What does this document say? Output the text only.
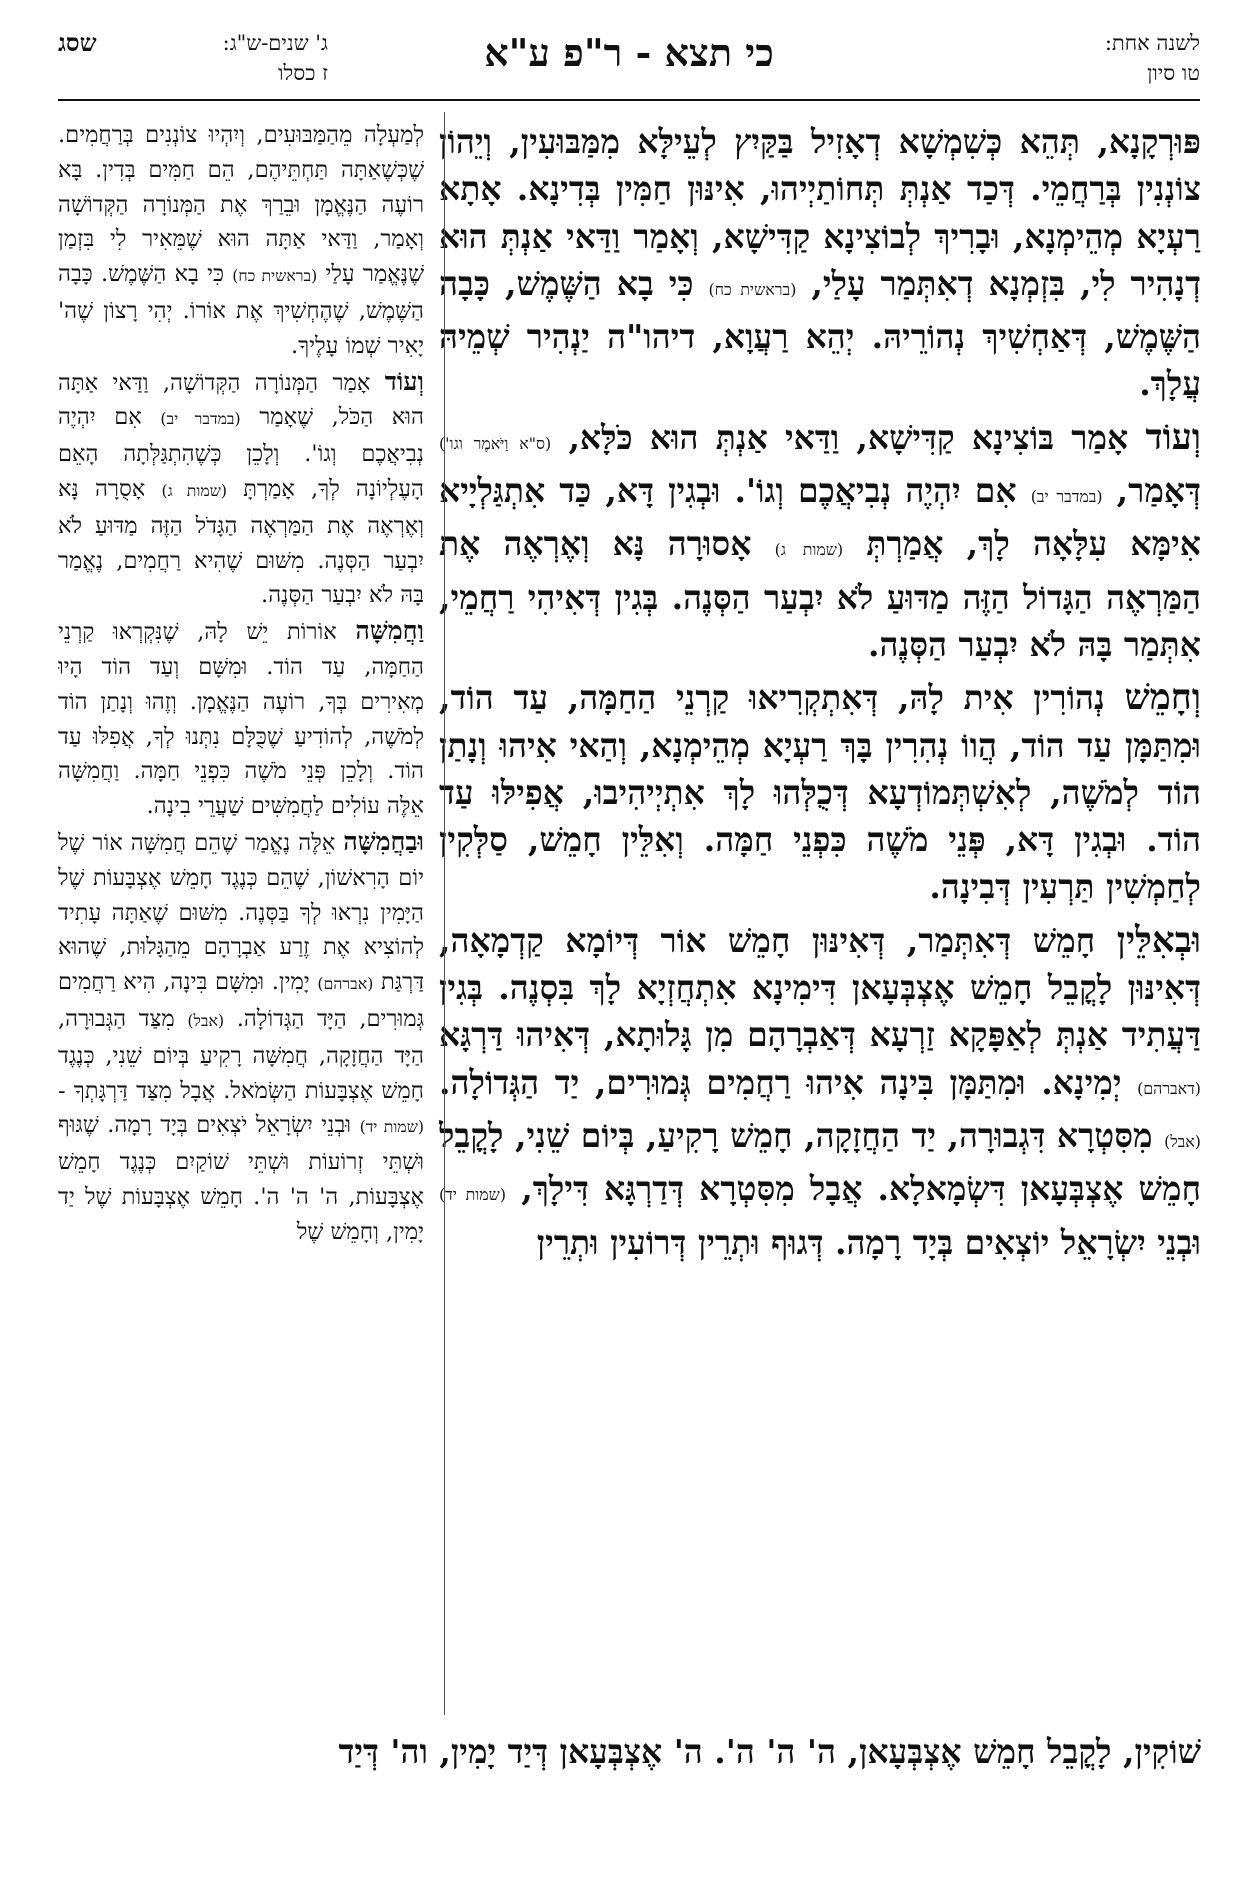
לשנה אחת:
טו סיון
כי תצא - ר"פ ע"א
ג' שנים-ש"ג:
שסג
ז כסלו

פּוּרְקָנָא, תְּהֵא כְּשִׁמְשָׁא דְאָזִיל בַּקַּיִץ לְעֵילָּא מִמַּבּוּעִין, וְיֵהוֹן צוֹנְנִין בְּרַחֲמֵי. דְּכַד אַנְתְּ תְּחוֹתַיְיהוּ, אִינּוּן חַמִּין בְּדִינָא. אָתָא רַעְיָא מְהֵימְנָא, וּבָרִיךְ לְבוֹצִינָא קַדִּישָׁא, וְאָמַר וַדַּאי אַנְתְּ הוּא דְנָהִיר לִי, בִּזְמְנָא דְאִתְּמַר עָלַי, (בראשית כח) כִּי בָא הַשֶּׁמֶשׁ, כָּבָה הַשֶּׁמֶשׁ, דְּאַחְשִׁיךְ נְהוֹרֵיהּ. יְהֵא רַעֲוָא, דיהו"ה יַנְהִיר שְׁמֵיהּ עֲלָךְ.

וְעוֹד אָמַר בּוֹצִינָא קַדִּישָׁא, וַדַּאי אַנְתְּ הוּא כֹּלָּא, (ס"א וַיֹּאמֶר וגו') דְּאָמַר, (במדבר יב) אִם יִהְיֶה נְבִיאֲכֶם וְגוֹ'. וּבְגִין דָּא, כַּד אִתְגַּלְיָיא אִימָּא עִלָּאָה לָךְ, אֲמַרְתְּ (שמות ג) אָסוּרָה נָּא וְאֶרְאֶה אֶת הַמַּרְאֶה הַגָּדוֹל הַזֶּה מַדּוּעַ לֹא יִבְעַר הַסְּנֶה. בְּגִין דְּאִיהִי רַחֲמֵי, אִתְּמַר בָּהּ לֹא יִבְעַר הַסְּנֶה.

וְחָמֵשׁ נְהוֹרִין אִית לָהּ, דְּאִתְקְרִיאוּ קַרְנֵי הַחַמָּה, עַד הוֹד, וּמִתַּמָּן עַד הוֹד, הֲווֹ נְהִרִין בָּךְ רַעְיָא מְהֵימְנָא, וְהַאי אִיהוּ וְנָתַן הוֹד לְמֹשֶׁה, לְאִשְׁתְּמוֹדְעָא דְּכֻלְּהוּ לָךְ אִתְיְיהִיבוּ, אֲפִילּוּ עַד הוֹד. וּבְגִין דָּא, פְּנֵי מֹשֶׁה כִּפְנֵי חַמָּה. וְאִלֵּין חָמֵשׁ, סַלְּקִין לְחַמְשִׁין תַּרְעִין דְּבִינָה.

וּבְאִלֵּין חָמֵשׁ דְּאִתְּמַר, דְּאִינּוּן חָמֵשׁ אוֹר דְּיוֹמָא קַדְמָאָה, דְּאִינּוּן לָקֳבֵל חָמֵשׁ אֶצְבְּעָאן דִּימִינָא אִתְחֲזְיָא לָךְ בִּסְנֶה. בְּגִין דַּעֲתִיד אַנְתְּ לְאַפָּקָא זַרְעָא דְּאַבְרָהָם מִן גָּלוּתָא, דְּאִיהוּ דַּרְגָּא (דאברהם) יְמִינָא. וּמִתַּמָּן בִּינָה אִיהוּ רַחֲמִים גְּמוּרִים, יַד הַגְּדוֹלָה. (אבל) מִסִּטְרָא דִּגְבוּרָה, יַד הַחֲזָקָה, חָמֵשׁ רָקִיעַ, בְּיוֹם שֵׁנִי, לָקֳבֵל חָמֵשׁ אֶצְבְּעָאן דִּשְׂמָאלָא. אֲבָל מִסִּטְרָא דְּדַרְגָּא דִּילָךְ, (שמות יד) וּבְנֵי יִשְׂרָאֵל יוֹצְאִים בְּיָד רָמָה. דְּגוּף וּתְרֵין דְּרוֹעִין וּתְרֵין

לְמַעְלָה מֵהַמַּבּוּעִים, וְיִהְיוּ צוֹנְנִים בְּרַחֲמִים. שֶׁכְּשֶׁאַתָּה תַּחְתֵּיהֶם, הֵם חַמִּים בְּדִין. בָּא רוֹעֶה הַנֶּאֱמָן וּבֵרַךְ אֶת הַמְּנוֹרָה הַקְּדוֹשָׁה וְאָמַר, וַדַּאי אַתָּה הוּא שֶׁמֵּאִיר לִי בִּזְמַן שֶׁנֶּאֱמַר עָלַי (בראשית כח) כִּי בָא הַשֶּׁמֶשׁ. כָּבָה הַשֶּׁמֶשׁ, שֶׁהֶחְשִׁיךְ אֶת אוֹרוֹ. יְהִי רָצוֹן שֶׁה' יָאִיר שְׁמוֹ עָלֶיךָ.

וְעוֹד אָמַר הַמְּנוֹרָה הַקְּדוֹשָׁה, וַדַּאי אַתָּה הוּא הַכֹּל, שֶׁאָמַר (במדבר יב) אִם יִהְיֶה נְבִיאֲכֶם וְגוֹ'. וְלָכֵן כְּשֶׁהִתְגַּלְּתָה הָאֵם הָעֶלְיוֹנָה לְךָ, אָמַרְתָּ (שמות ג) אָסֻרָה נָּא וְאֶרְאֶה אֶת הַמַּרְאֶה הַגָּדֹל הַזֶּה מַדּוּעַ לֹא יִבְעַר הַסְּנֶה. מִשּׁוּם שֶׁהִיא רַחֲמִים, נֶאֱמַר בָּהּ לֹא יִבְעַר הַסְּנֶה.

וַחֲמִשָּׁה אוֹרוֹת יֵשׁ לָהּ, שֶׁנִּקְרְאוּ קַרְנֵי הַחַמָּה, עַד הוֹד. וּמִשָּׁם וְעַד הוֹד הָיוּ מְאִירִים בְּךָ, רוֹעֶה הַנֶּאֱמָן. וְזֶהוּ וְנָתַן הוֹד לְמֹשֶׁה, לְהוֹדִיעַ שֶׁכֻּלָּם נִתְּנוּ לְךָ, אֲפִלּוּ עַד הוֹד. וְלָכֵן פְּנֵי מֹשֶׁה כִּפְנֵי חַמָּה. וַחֲמִשָּׁה אֵלֶּה עוֹלִים לַחֲמִשִּׁים שַׁעֲרֵי בִינָה.

וּבַחֲמִשָּׁה אֵלֶּה נֶאֱמַר שֶׁהֵם חֲמִשָּׁה אוֹר שֶׁל יוֹם הָרִאשׁוֹן, שֶׁהֵם כְּנֶגֶד חָמֵשׁ אֶצְבָּעוֹת שֶׁל הַיָּמִין נִרְאוּ לְךָ בַּסְּנֶה. מִשּׁוּם שֶׁאַתָּה עָתִיד לְהוֹצִיא אֶת זֶרַע אַבְרָהָם מֵהַגָּלוּת, שֶׁהוּא דַּרְגַּת (אברהם) יָמִין. וּמִשָּׁם בִּינָה, הִיא רַחֲמִים גְּמוּרִים, הַיָּד הַגְּדוֹלָה. (אבל) מִצַּד הַגְּבוּרָה, הַיָּד הַחֲזָקָה, חֲמִשָּׁה רָקִיעַ בְּיוֹם שֵׁנִי, כְּנֶגֶד חָמֵשׁ אֶצְבָּעוֹת הַשְּׂמֹאל. אֲבָל מִצַּד דַּרְגָּתְךָ - (שמות יד) וּבְנֵי יִשְׂרָאֵל יֹצְאִים בְּיָד רָמָה. שֶׁגּוּף וּשְׁתֵּי זְרוֹעוֹת וּשְׁתֵּי שׁוֹקַיִם כְּנֶגֶד חָמֵשׁ אֶצְבָּעוֹת, ה' ה' ה'. חָמֵשׁ אֶצְבָּעוֹת שֶׁל יַד יָמִין, וְחָמֵשׁ שֶׁל

שׁוֹקִין, לָקֳבֵל חָמֵשׁ אֶצְבְּעָאן, ה' ה' ה'. ה' אֶצְבְּעָאן דְּיַד יָמִין, וה' דְּיַד
